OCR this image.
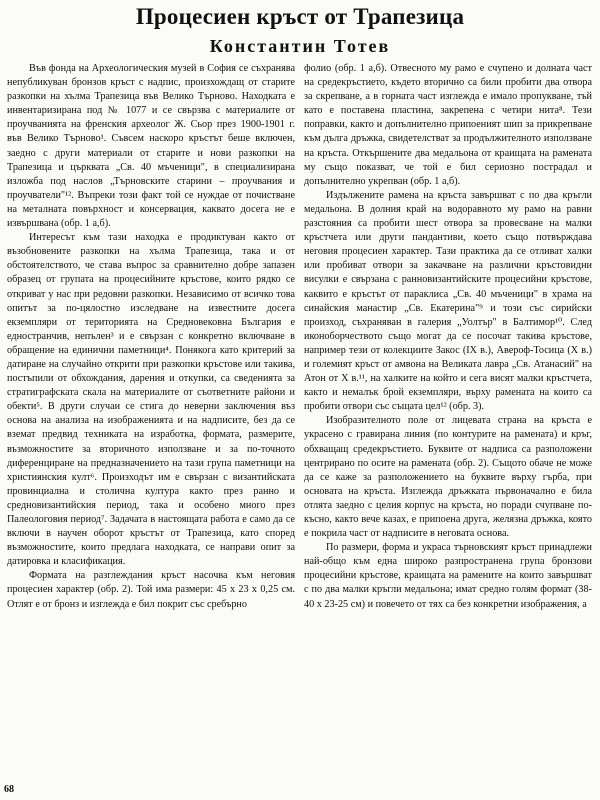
Процесиен кръст от Трапезица
Константин Тотев

Във фонда на Археологическия музей в София се съхранява непубликуван бронзов кръст с надпис, произхождащ от старите разкопки на хълма Трапезица във Велико Търново. Находката е инвентаризирана под № 1077 и се свързва с материалите от проучванията на френския археолог Ж. Сьор през 1900-1901 г. във Велико Търново¹. Съвсем наскоро кръстът беше включен, заедно с други материали от старите и нови разкопки на Трапезица и църквата „Св. 40 мъченици", в специализирана изложба под наслов „Търновските старини – проучвания и проучватели"¹². Въпреки този факт той се нуждае от почистване на металната повърхност и консервация, каквато досега не е извършвана (обр. 1 а,б).

Интересът към тази находка е продиктуван както от възобновените разкопки на хълма Трапезица, така и от обстоятелството, че става въпрос за сравнително добре запазен образец от групата на процесийните кръстове, които рядко се откриват у нас при редовни разкопки. Независимо от всичко това опитът за по-цялостно изследване на известните досега екземпляри от територията на Средновековна България е едностранчив, непълен³ и е свързан с конкретно включване в обращение на единични паметници⁴. Понякога като критерий за датиране на случайно открити при разкопки кръстове или такива, постъпили от обхождания, дарения и откупки, са сведенията за стратиграфската скала на материалите от съответните райони и обекти⁵. В други случаи се стига до неверни заключения въз основа на анализа на изображенията и на надписите, без да се вземат предвид техниката на изработка, формата, размерите, възможностите за вторичното използване и за по-точното диференциране на предназначението на тази група паметници на християнския култ⁶. Произходът им е свързан с византийската провинциална и столична култура както през ранно и средновизантийския период, така и особено много през Палеологовия период⁷. Задачата в настоящата работа е само да се включи в научен оборот кръстът от Трапезица, като според възможностите, които предлага находката, се направи опит за датировка и класификация.

Формата на разглеждания кръст насочва към неговия процесиен характер (обр. 2). Той има размери: 45 х 23 х 0,25 см. Отлят е от бронз и изглежда е бил покрит със сребърно

фолио (обр. 1 а,б). Отвесното му рамо е счупено и долната част на средекръстието, където вторично са били пробити два отвора за скрепване, а в горната част изглежда е имало пропукване, тъй като е поставена пластина, закрепена с четири нита⁸. Тези поправки, както и допълнително припоеният шип за прикрепване към дълга дръжка, свидетелстват за продължителното използване на кръста. Откършените два медальона от краищата на рамената му също показват, че той е бил сериозно пострадал и допълнително укрепван (обр. 1 а,б).

Издължените рамена на кръста завършват с по два кръгли медальона. В долния край на водоравното му рамо на равни разстояния са пробити шест отвора за провесване на малки кръстчета или други пандантиви, което също потвърждава неговия процесиен характер. Тази практика да се отливат халки или пробиват отвори за закачване на различни кръстовидни висулки е свързана с ранновизантийските процесийни кръстове, каквито е кръстът от параклиса „Св. 40 мъченици" в храма на синайския манастир „Св. Екатерина"⁹ и този със сирийски произход, съхраняван в галерия „Уолтър" в Балтимор¹⁰. След иконоборчеството също могат да се посочат такива кръстове, например тези от колекциите Закос (IX в.), Авероф-Тосица (Х в.) и големият кръст от амвона на Великата лавра „Св. Атанасий" на Атон от Х в.¹¹, на халките на който и сега висят малки кръстчета, както и немалък брой екземпляри, върху рамената на които са пробити отвори със същата цел¹² (обр. 3).

Изобразителното поле от лицевата страна на кръста е украсено с гравирана линия (по контурите на рамената) и кръг, обхващащ средекръстието. Буквите от надписа са разположени центрирано по осите на рамената (обр. 2). Същото обаче не може да се каже за разположението на буквите върху гърба, при основата на кръста. Изглежда дръжката първоначално е била отлята заедно с целия корпус на кръста, но поради счупване по-късно, както вече казах, е припоена друга, желязна дръжка, която е покрила част от надписите в неговата основа.

По размери, форма и украса търновският кръст принадлежи най-общо към една широко разпространена група бронзови процесийни кръстове, краищата на рамените на които завършват с по два малки кръгли медальона; имат средно голям формат (38-40 х 23-25 см) и повечето от тях са без конкретни изображения, а

68
